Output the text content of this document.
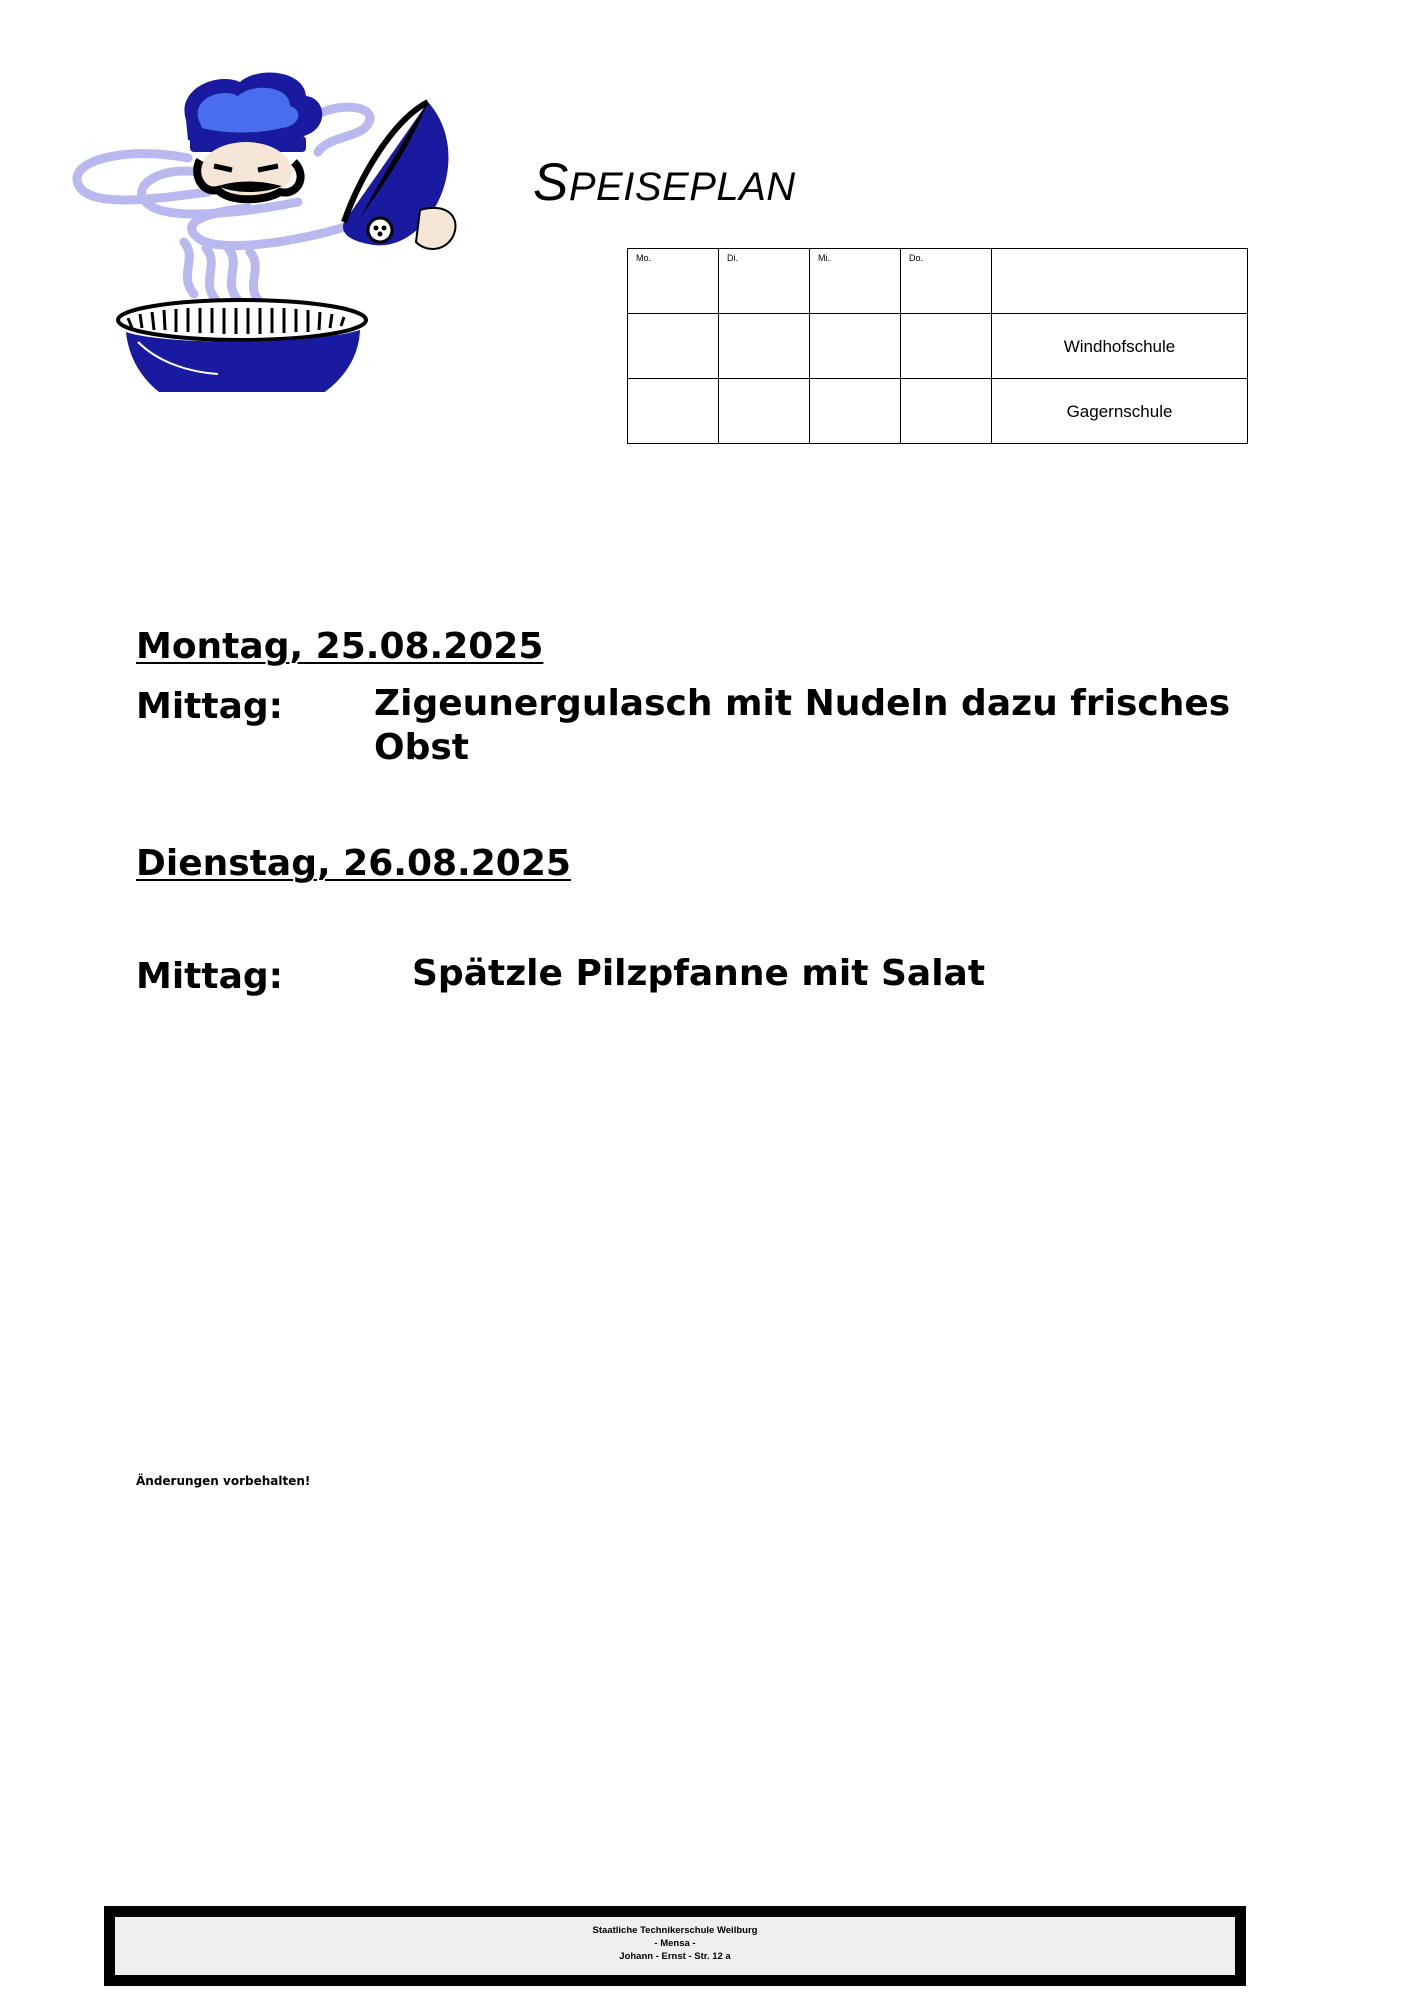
SPEISEPLAN
Mo.	Di.	Mi.	Do.	

				Windhofschule

				Gagernschule
Montag, 25.08.2025
Mittag:	Zigeunergulasch mit Nudeln dazu frisches Obst
Dienstag, 26.08.2025
Mittag:	Spätzle Pilzpfanne mit Salat
Änderungen vorbehalten!
Staatliche Technikerschule Weilburg
- Mensa -
Johann - Ernst - Str. 12 a
